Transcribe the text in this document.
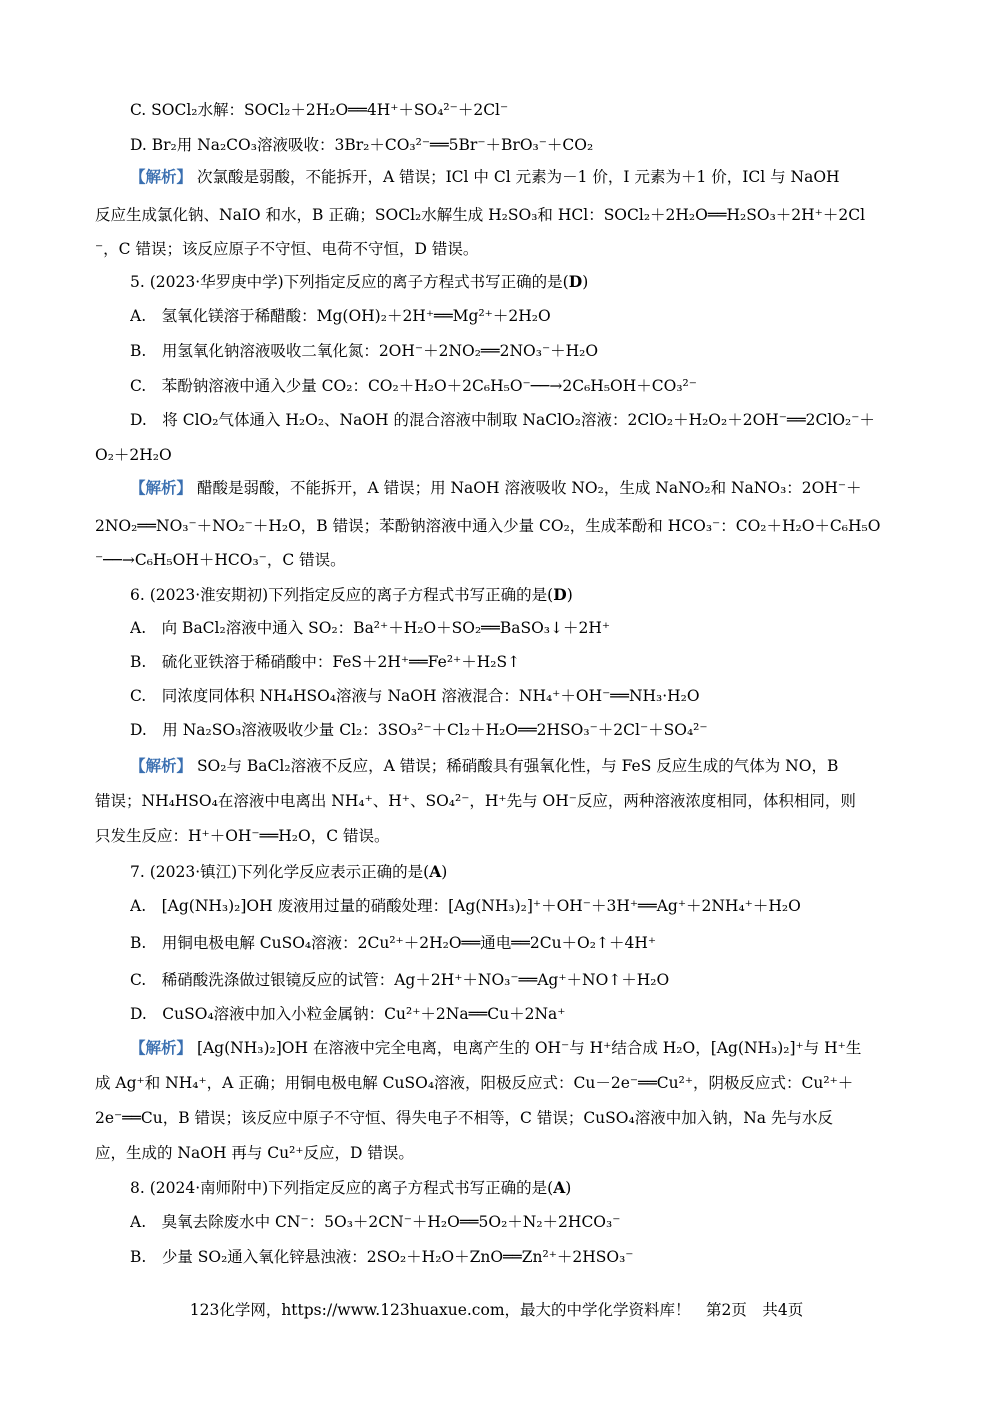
C. SOCl₂水解：SOCl₂＋2H₂O══4H⁺＋SO₄²⁻＋2Cl⁻
D. Br₂用 Na₂CO₃溶液吸收：3Br₂＋CO₃²⁻══5Br⁻＋BrO₃⁻＋CO₂
【解析】 次氯酸是弱酸，不能拆开，A 错误；ICl 中 Cl 元素为－1 价，I 元素为＋1 价，ICl 与 NaOH
反应生成氯化钠、NaIO 和水，B 正确；SOCl₂水解生成 H₂SO₃和 HCl：SOCl₂＋2H₂O══H₂SO₃＋2H⁺＋2Cl
⁻，C 错误；该反应原子不守恒、电荷不守恒，D 错误。
5. (2023·华罗庚中学)下列指定反应的离子方程式书写正确的是(D)
A.　氢氧化镁溶于稀醋酸：Mg(OH)₂＋2H⁺══Mg²⁺＋2H₂O
B.　用氢氧化钠溶液吸收二氧化氮：2OH⁻＋2NO₂══2NO₃⁻＋H₂O
C.　苯酚钠溶液中通入少量 CO₂：CO₂＋H₂O＋2C₆H₅O⁻──→2C₆H₅OH＋CO₃²⁻
D.　将 ClO₂气体通入 H₂O₂、NaOH 的混合溶液中制取 NaClO₂溶液：2ClO₂＋H₂O₂＋2OH⁻══2ClO₂⁻＋
O₂＋2H₂O
【解析】 醋酸是弱酸，不能拆开，A 错误；用 NaOH 溶液吸收 NO₂，生成 NaNO₂和 NaNO₃：2OH⁻＋
2NO₂══NO₃⁻＋NO₂⁻＋H₂O，B 错误；苯酚钠溶液中通入少量 CO₂，生成苯酚和 HCO₃⁻：CO₂＋H₂O＋C₆H₅O
⁻──→C₆H₅OH＋HCO₃⁻，C 错误。
6. (2023·淮安期初)下列指定反应的离子方程式书写正确的是(D)
A.　向 BaCl₂溶液中通入 SO₂：Ba²⁺＋H₂O＋SO₂══BaSO₃↓＋2H⁺
B.　硫化亚铁溶于稀硝酸中：FeS＋2H⁺══Fe²⁺＋H₂S↑
C.　同浓度同体积 NH₄HSO₄溶液与 NaOH 溶液混合：NH₄⁺＋OH⁻══NH₃·H₂O
D.　用 Na₂SO₃溶液吸收少量 Cl₂：3SO₃²⁻＋Cl₂＋H₂O══2HSO₃⁻＋2Cl⁻＋SO₄²⁻
【解析】 SO₂与 BaCl₂溶液不反应，A 错误；稀硝酸具有强氧化性，与 FeS 反应生成的气体为 NO，B
错误；NH₄HSO₄在溶液中电离出 NH₄⁺、H⁺、SO₄²⁻，H⁺先与 OH⁻反应，两种溶液浓度相同，体积相同，则
只发生反应：H⁺＋OH⁻══H₂O，C 错误。
7. (2023·镇江)下列化学反应表示正确的是(A)
A.　[Ag(NH₃)₂]OH 废液用过量的硝酸处理：[Ag(NH₃)₂]⁺＋OH⁻＋3H⁺══Ag⁺＋2NH₄⁺＋H₂O
B.　用铜电极电解 CuSO₄溶液：2Cu²⁺＋2H₂O══通电══2Cu＋O₂↑＋4H⁺
C.　稀硝酸洗涤做过银镜反应的试管：Ag＋2H⁺＋NO₃⁻══Ag⁺＋NO↑＋H₂O
D.　CuSO₄溶液中加入小粒金属钠：Cu²⁺＋2Na══Cu＋2Na⁺
【解析】 [Ag(NH₃)₂]OH 在溶液中完全电离，电离产生的 OH⁻与 H⁺结合成 H₂O，[Ag(NH₃)₂]⁺与 H⁺生
成 Ag⁺和 NH₄⁺，A 正确；用铜电极电解 CuSO₄溶液，阳极反应式：Cu－2e⁻══Cu²⁺，阴极反应式：Cu²⁺＋
2e⁻══Cu，B 错误；该反应中原子不守恒、得失电子不相等，C 错误；CuSO₄溶液中加入钠，Na 先与水反
应，生成的 NaOH 再与 Cu²⁺反应，D 错误。
8. (2024·南师附中)下列指定反应的离子方程式书写正确的是(A)
A.　臭氧去除废水中 CN⁻：5O₃＋2CN⁻＋H₂O══5O₂＋N₂＋2HCO₃⁻
B.　少量 SO₂通入氧化锌悬浊液：2SO₂＋H₂O＋ZnO══Zn²⁺＋2HSO₃⁻
123化学网，https://www.123huaxue.com，最大的中学化学资料库！　第2页　共4页
